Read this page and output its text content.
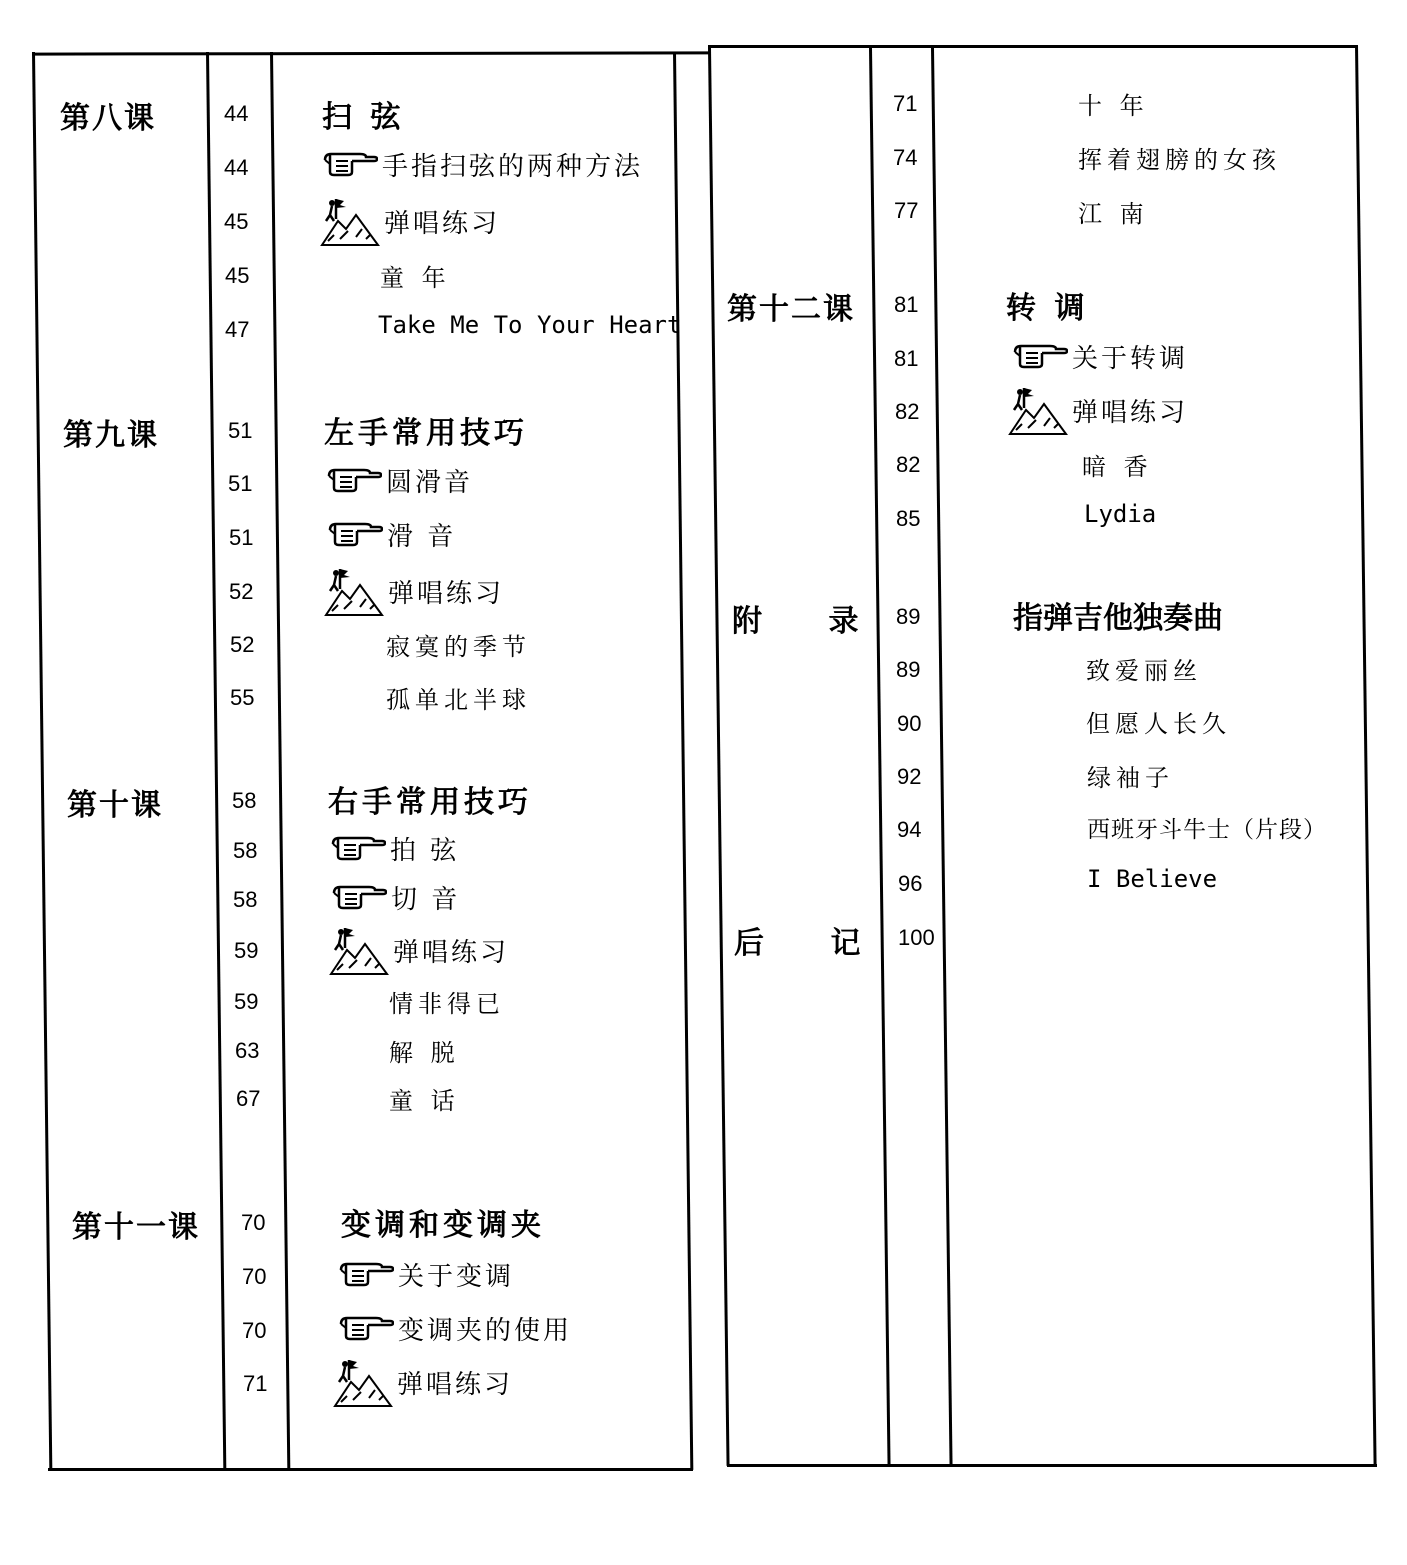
第八课
第九课
第十课
第十一课
44
44
45
45
47
51
51
51
52
52
55
58
58
58
59
59
63
67
70
70
70
71
扫 弦
手指扫弦的两种方法
弹唱练习
童 年
Take Me To Your Heart
左手常用技巧
圆滑音
滑 音
弹唱练习
寂寞的季节
孤单北半球
右手常用技巧
拍 弦
切 音
弹唱练习
情非得已
解 脱
童 话
变调和变调夹
关于变调
变调夹的使用
弹唱练习
第十二课
附 录
后 记
71
74
77
81
81
82
82
85
89
89
90
92
94
96
100
十 年
挥着翅膀的女孩
江 南
转 调
关于转调
弹唱练习
暗 香
Lydia
指弹吉他独奏曲
致爱丽丝
但愿人长久
绿袖子
西班牙斗牛士（片段）
I Believe
